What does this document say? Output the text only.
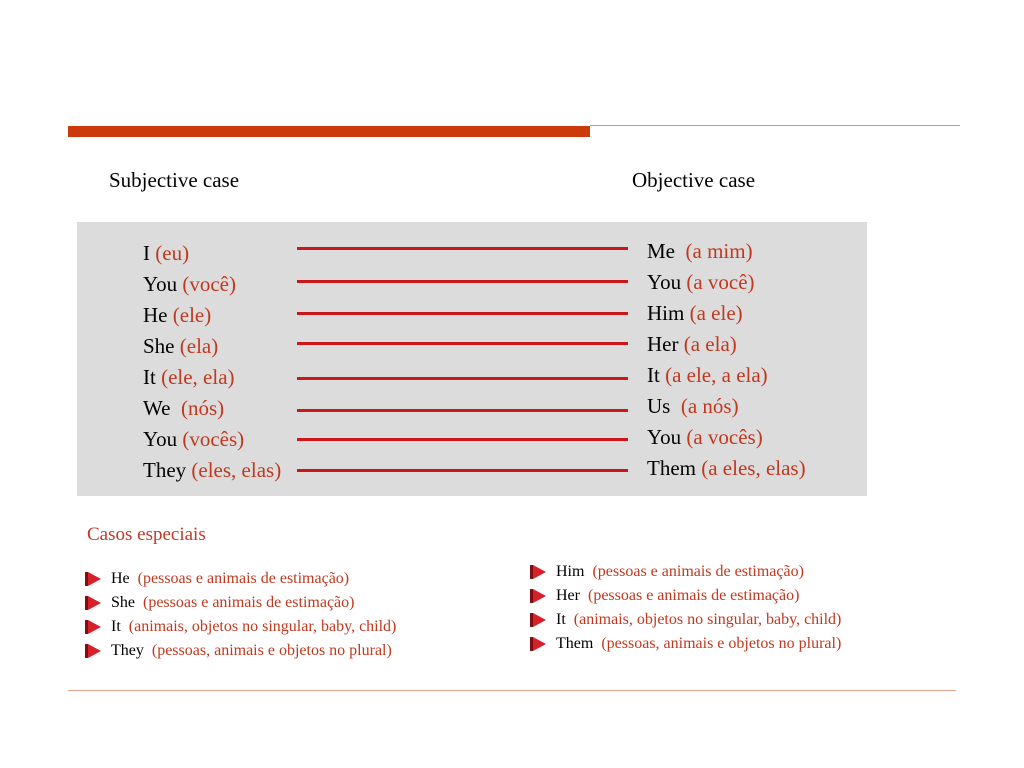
Subjective case	Objective case
I (eu)
You (você)
He (ele)
She (ela)
It (ele, ela)
We (nós)
You (vocês)
They (eles, elas)
Me (a mim)
You (a você)
Him (a ele)
Her (a ela)
It (a ele, a ela)
Us (a nós)
You (a vocês)
Them (a eles, elas)
Casos especiais
He
(pessoas e animais de estimação)
She
(pessoas e animais de estimação)
It
(animais, objetos no singular, baby, child)
They
(pessoas, animais e objetos no plural)
Him
(pessoas e animais de estimação)
Her
(pessoas e animais de estimação)
It
(animais, objetos no singular, baby, child)
Them
(pessoas, animais e objetos no plural)
